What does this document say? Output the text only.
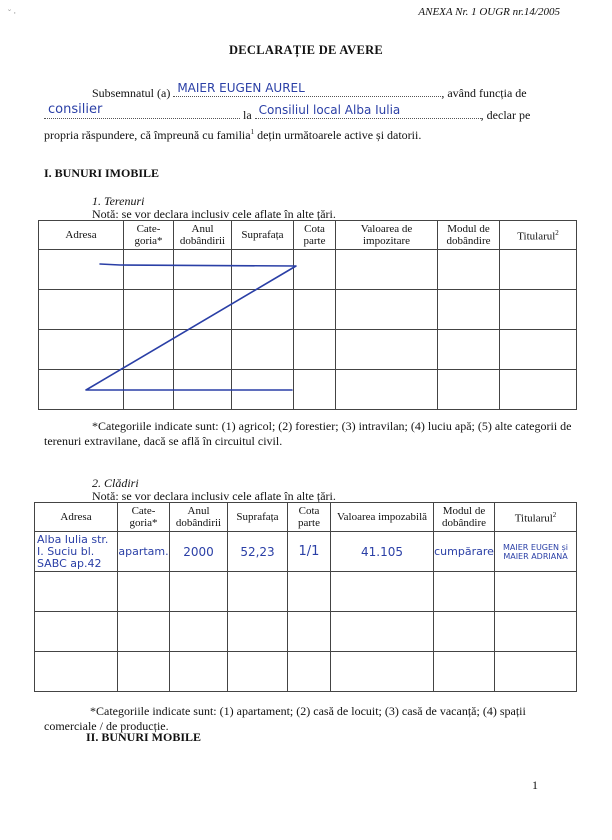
˘ ·	ANEXA Nr. 1 OUGR nr.14/2005
DECLARAȚIE DE AVERE
Subsemnatul (a) MAIER EUGEN AUREL	, având funcția de
consilier	la Consiliul local Alba Iulia	, declar pe
propria răspundere, că împreună cu familia$^1$ dețin următoarele active și datorii.
I. BUNURI IMOBILE
1. Terenuri
Notă: se vor declara inclusiv cele aflate în alte țări.
Adresa	Cate-goria*	Anul dobândirii	Suprafața	Cota parte	Valoarea de impozitare	Modul de dobândire	Titularul$^2$

*Categoriile indicate sunt: (1) agricol; (2) forestier; (3) intravilan; (4) luciu apă; (5) alte categorii de terenuri extravilane, dacă se află în circuitul civil.
2. Clădiri
Notă: se vor declara inclusiv cele aflate în alte țări.
Adresa	Cate-goria*	Anul dobândirii	Suprafața	Cota parte	Valoarea impozabilă	Modul de dobândire	Titularul$^2$
Alba Iulia str. I. Suciu bl. SABC ap.42	apartam.	2000	52,23	1/1	41.105	cumpărare	MAIER EUGEN și MAIER ADRIANA

*Categoriile indicate sunt: (1) apartament; (2) casă de locuit; (3) casă de vacanță; (4) spații comerciale / de producție.
II. BUNURI MOBILE
1
